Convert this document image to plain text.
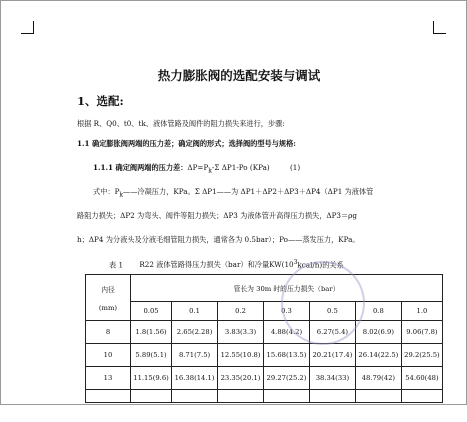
热力膨胀阀的选配安装与调试
1、选配:
根据 R、Q0、t0、tk、液体管路及阀件的阻力损失来进行，步骤:
1.1 确定膨胀阀两端的压力差；确定阀的形式；选择阀的型号与规格:
1.1.1 确定阀两端的压力差：$\Delta P=P_k-\Sigma$ ΔP1-Po (KPa)	(1)
式中：$P_k——$冷凝压力，KPa。Σ ΔP1——为 ΔP1＋ΔP2＋ΔP3＋ΔP4（ΔP1 为液体管
路阻力损失；ΔP2 为弯头、阀件等阻力损失；ΔP3 为液体管升高得压力损失，ΔP3＝ρg
h；ΔP4 为分液头及分液毛细管阻力损失，通常各为 0.5bar）；Po——蒸发压力，KPa。
表 1 R22 液体管路得压力损失（bar）和冷量$KW(10^3kcal/h)$的关系
内径
(mm)	管长为 30m 时的压力损失（bar）						
	0.05	0.1	0.2	0.3	0.5	0.8	1.0
8	1.8(1.56)	2.65(2.28)	3.83(3.3)	4.88(4.2)	6.27(5.4)	8.02(6.9)	9.06(7.8)
10	5.89(5.1)	8.71(7.5)	12.55(10.8)	15.68(13.5)	20.21(17.4)	26.14(22.5)	29.2(25.5)
13	11.15(9.6)	16.38(14.1)	23.35(20.1)	29.27(25.2)	38.34(33)	48.79(42)	54.60(48)
